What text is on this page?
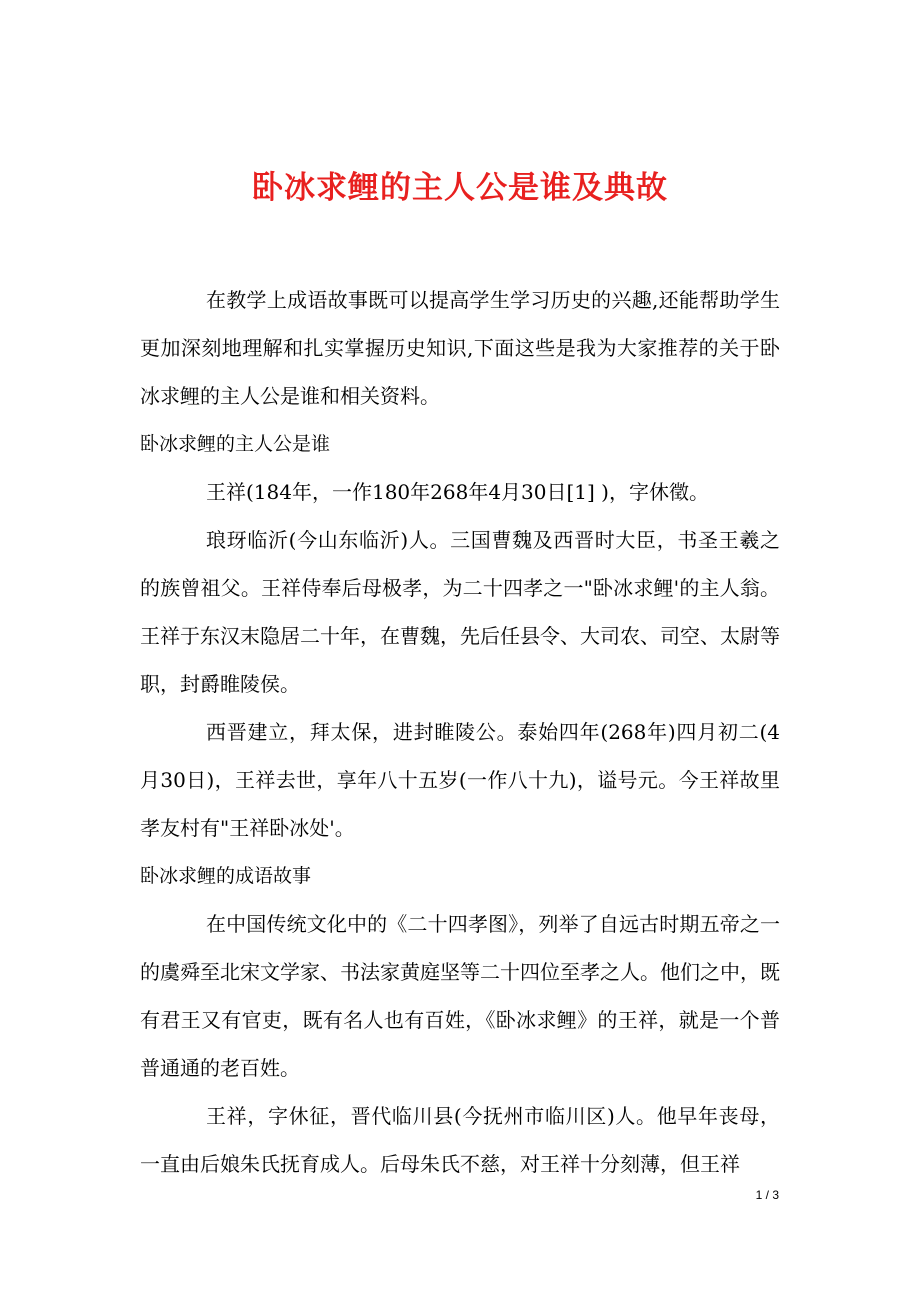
卧冰求鲤的主人公是谁及典故

在教学上成语故事既可以提高学生学习历史的兴趣,还能帮助学生更加深刻地理解和扎实掌握历史知识,下面这些是我为大家推荐的关于卧冰求鲤的主人公是谁和相关资料。

卧冰求鲤的主人公是谁

王祥(184年，一作180年268年4月30日[1] )，字休徵。

琅玡临沂(今山东临沂)人。三国曹魏及西晋时大臣，书圣王羲之的族曾祖父。王祥侍奉后母极孝，为二十四孝之一"卧冰求鲤'的主人翁。王祥于东汉末隐居二十年，在曹魏，先后任县令、大司农、司空、太尉等职，封爵睢陵侯。

西晋建立，拜太保，进封睢陵公。泰始四年(268年)四月初二(4月30日)，王祥去世，享年八十五岁(一作八十九)，谥号元。今王祥故里孝友村有"王祥卧冰处'。

卧冰求鲤的成语故事

在中国传统文化中的《二十四孝图》，列举了自远古时期五帝之一的虞舜至北宋文学家、书法家黄庭坚等二十四位至孝之人。他们之中，既有君王又有官吏，既有名人也有百姓，《卧冰求鲤》的王祥，就是一个普普通通的老百姓。

王祥，字休征，晋代临川县(今抚州市临川区)人。他早年丧母，一直由后娘朱氏抚育成人。后母朱氏不慈，对王祥十分刻薄，但王祥

1 / 3
